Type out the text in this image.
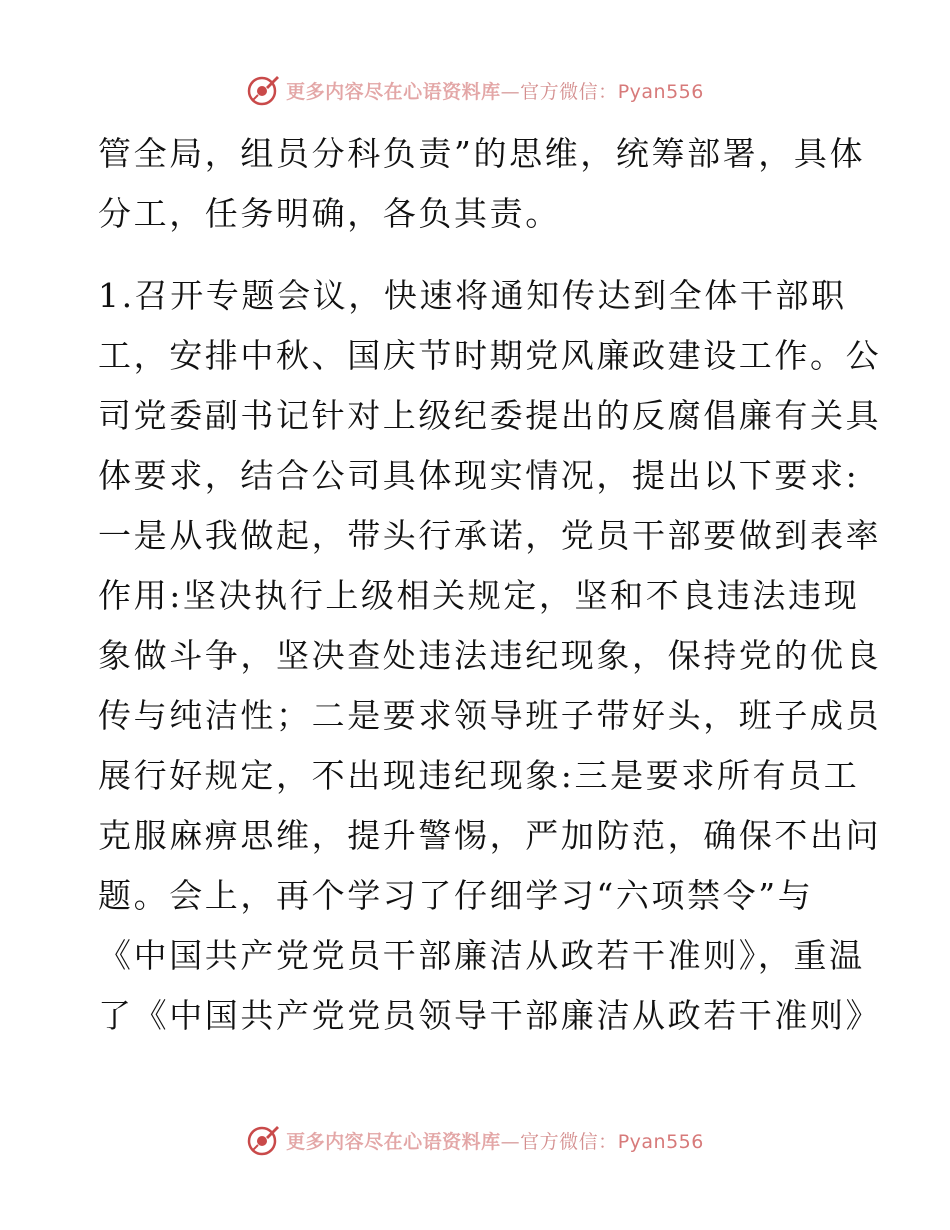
更多内容尽在心语资料库—官方微信：Pyan556
管全局，组员分科负责”的思维，统筹部署，具体
分工，任务明确，各负其责。
1.召开专题会议，快速将通知传达到全体干部职
工，安排中秋、国庆节时期党风廉政建设工作。公
司党委副书记针对上级纪委提出的反腐倡廉有关具
体要求，结合公司具体现实情况，提出以下要求:
一是从我做起，带头行承诺，党员干部要做到表率
作用:坚决执行上级相关规定，坚和不良违法违现
象做斗争，坚决查处违法违纪现象，保持党的优良
传与纯洁性；二是要求领导班子带好头，班子成员
展行好规定，不出现违纪现象:三是要求所有员工
克服麻痹思维，提升警惕，严加防范，确保不出问
题。会上，再个学习了仔细学习“六项禁令”与
《中国共产党党员干部廉洁从政若干准则》，重温
了《中国共产党党员领导干部廉洁从政若干准则》
更多内容尽在心语资料库—官方微信：Pyan556
